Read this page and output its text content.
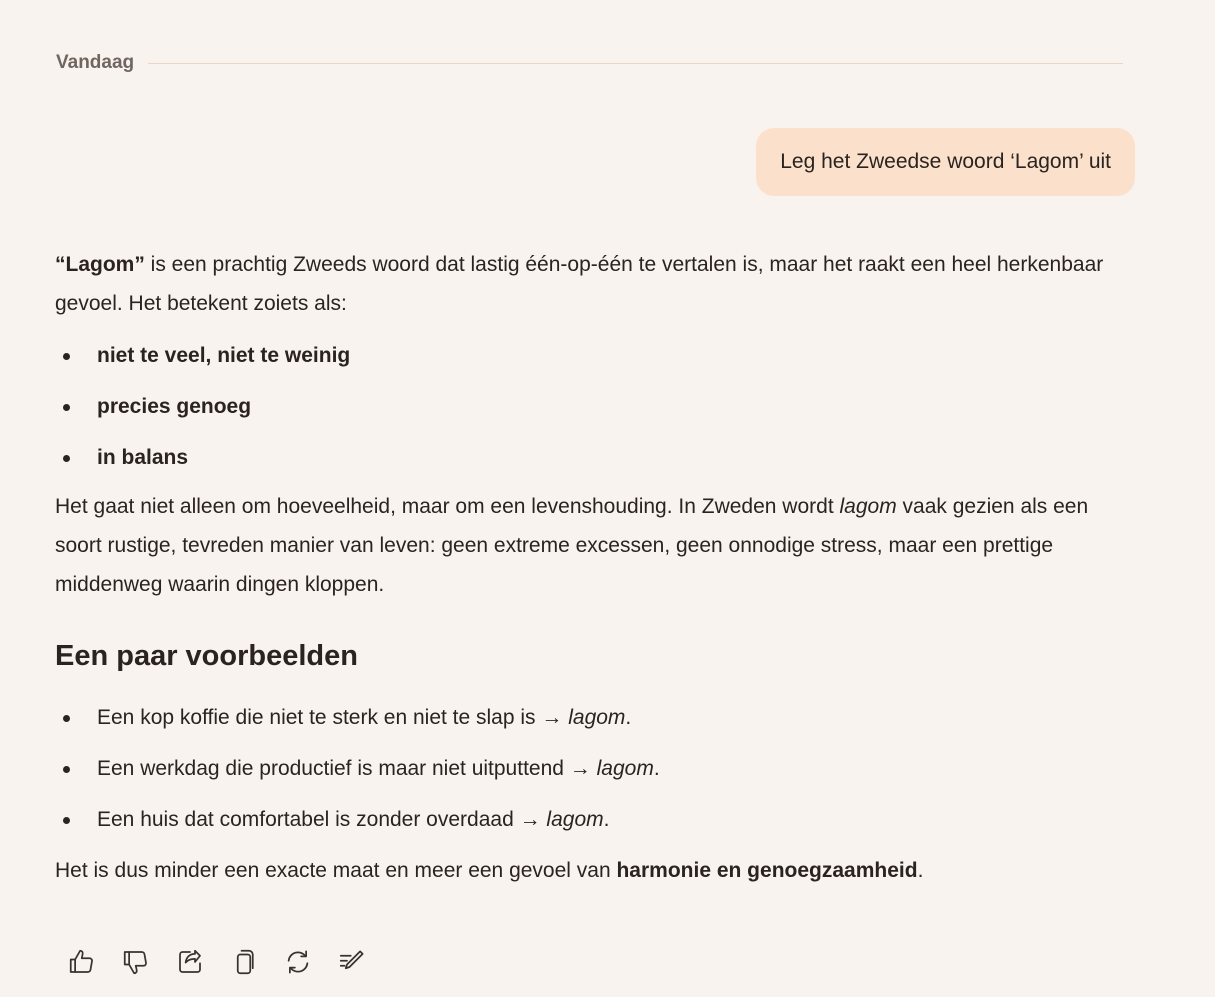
Vandaag
Leg het Zweedse woord ‘Lagom’ uit

“Lagom” is een prachtig Zweeds woord dat lastig één-op-één te vertalen is, maar het raakt een heel herkenbaar gevoel. Het betekent zoiets als:

niet te veel, niet te weinig
precies genoeg
in balans

Het gaat niet alleen om hoeveelheid, maar om een levenshouding. In Zweden wordt lagom vaak gezien als een soort rustige, tevreden manier van leven: geen extreme excessen, geen onnodige stress, maar een prettige middenweg waarin dingen kloppen.

Een paar voorbeelden
Een kop koffie die niet te sterk en niet te slap is → lagom.
Een werkdag die productief is maar niet uitputtend → lagom.
Een huis dat comfortabel is zonder overdaad → lagom.

Het is dus minder een exacte maat en meer een gevoel van harmonie en genoegzaamheid.
